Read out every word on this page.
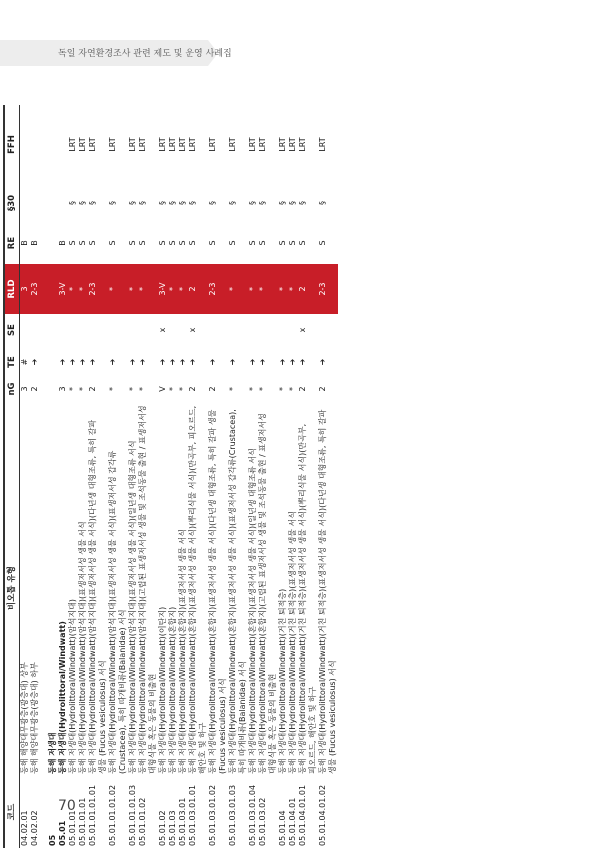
독일 자연환경조사 관련 제도 및 운영 사례집
코드	비오톱 유형	nG	TE	SE	RLD	RE	§30	FFH
04.02.01	동해 해양대무광층(광층대) 상부	3	#		3	B		
04.02.02	동해 해양대무광층(광층대) 하부	2	➔		2-3	B		

05	동해 저생대							
05.01	동해 저생대(Hydrolittoral/Windwatt)	3	➔		3-V	B		
05.01.01	동해 저생대(Hydrolittoral/Windwatt)(암석지대)	*	➔		*	S	§	LRT
05.01.01.01	동해 저생대(Hydrolittoral/Windwatt)(암석지대)(표생저서성 생물 서식	*	➔		*	S	§	LRT
05.01.01.01.01	동해 저생대(Hydrolittoral/Windwatt)(암석지대)(표생저서성 생물 서식)(다년생 대형조류, 특히 갈파 생물 (Fucus vesiculosus) 서식	2	➔		2-3	S	§	LRT
05.01.01.01.02	동해 저생대(Hydrolittoral/Windwatt)(암석지대)(표생저서성 생물 서식)(표생저서성 갑각류(Crustacea), 특히 따개비류(Balanidae) 서식	*	➔		*	S	§	LRT
05.01.01.01.03	동해 저생대(Hydrolittoral/Windwatt)(암석지대)(표생저서성 생물 서식)(일년생 대형조류 서식	*	➔		*	S	§	LRT
05.01.01.02	동해 저생대(Hydrolittoral/Windwatt)(암석지대)(고립된 표생저서성 생물 및 조석동물 출현 / 표생저서성 대형식물 혹은 동물의 비출현	*	➔		*	S	§	LRT
05.01.02	동해 저생대(Hydrolittoral/Windwatt)(이탄지)	V	➔	x	3-V	S	§	LRT
05.01.03	동해 저생대(Hydrolittoral/Windwatt)(혼합지)	*	➔		*	S	§	LRT
05.01.03.01	동해 저생대(Hydrolittoral/Windwatt)(혼합지)(표생저서성 생물 서식	*	➔		*	S	§	LRT
05.01.03.01.01	동해 저생대(Hydrolittoral/Windwatt)(혼합지)(표생저서성 생물 서식)(뿌리식물 서식)(만곡부, 피오르드, 해안호 및 하구	2	➔	x	2	S	§	LRT
05.01.03.01.02	동해 저생대(Hydrolittoral/Windwatt)(혼합지)(표생저서성 생물 서식)(다년생 대형조류, 특히 갈파 생물 (Fucus vesiculosus) 서식	2	➔		2-3	S	§	LRT
05.01.03.01.03	동해 저생대(Hydrolittoral/Windwatt)(혼합지)(표생저서성 생물 서식)(표생저서성 갑각류(Crustacea), 특히 따개비류(Balanidae) 서식	*	➔		*	S	§	LRT
05.01.03.01.04	동해 저생대(Hydrolittoral/Windwatt)(혼합지)(표생저서성 생물 서식)(일년생 대형조류 서식	*	➔		*	S	§	LRT
05.01.03.02	동해 저생대(Hydrolittoral/Windwatt)(혼합지)(고립된 표생저서성 생물 및 조석동물 출현 / 표생저서성 대형식물 혹은 동물의 비출현	*	➔		*	S	§	LRT
05.01.04	동해 저생대(Hydrolittoral/Windwatt)(거친 퇴적층)	*	➔		*	S	§	LRT
05.01.04.01	동해 저생대(Hydrolittoral/Windwatt)(거친 퇴적층)(표생저서성 생물 서식	*	➔		*	S	§	LRT
05.01.04.01.01	동해 저생대(Hydrolittoral/Windwatt)(거친 퇴적층)(표생저서성 생물 서식)(뿌리식물 서식)(만곡부, 피오르드, 해안호 및 하구	2	➔	x	2	S	§	LRT
05.01.04.01.02	동해 저생대(Hydrolittoral/Windwatt)(거친 퇴적층)(표생저서성 생물 서식)(다년생 대형조류, 특히 갈파 생물 (Fucus vesiculosus) 서식	2	➔		2-3	S	§	LRT
70
